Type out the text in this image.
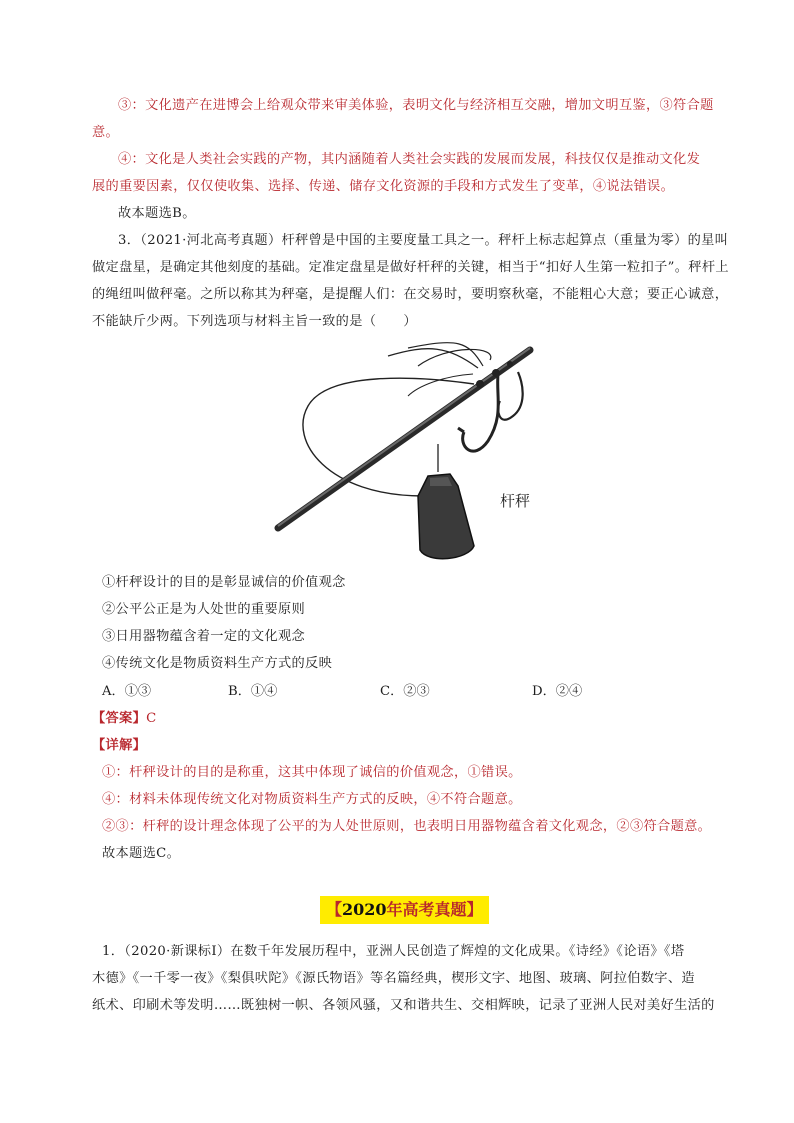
③：文化遗产在进博会上给观众带来审美体验，表明文化与经济相互交融，增加文明互鉴，③符合题
意。
④：文化是人类社会实践的产物，其内涵随着人类社会实践的发展而发展，科技仅仅是推动文化发
展的重要因素，仅仅使收集、选择、传递、储存文化资源的手段和方式发生了变革，④说法错误。
故本题选B。
3．（2021·河北高考真题）杆秤曾是中国的主要度量工具之一。秤杆上标志起算点（重量为零）的星叫
做定盘星，是确定其他刻度的基础。定准定盘星是做好杆秤的关键，相当于“扣好人生第一粒扣子”。秤杆上
的绳纽叫做秤毫。之所以称其为秤毫，是提醒人们：在交易时，要明察秋毫，不能粗心大意；要正心诚意，
不能缺斤少两。下列选项与材料主旨一致的是（　　）
杆秤
①杆秤设计的目的是彰显诚信的价值观念
②公平公正是为人处世的重要原则
③日用器物蕴含着一定的文化观念
④传统文化是物质资料生产方式的反映
A．①③	B．①④	C．②③	D．②④
【答案】C
【详解】
①：杆秤设计的目的是称重，这其中体现了诚信的价值观念，①错误。
④：材料未体现传统文化对物质资料生产方式的反映，④不符合题意。
②③：杆秤的设计理念体现了公平的为人处世原则，也表明日用器物蕴含着文化观念，②③符合题意。
故本题选C。
【2020年高考真题】
1．（2020·新课标Ⅰ）在数千年发展历程中，亚洲人民创造了辉煌的文化成果。《诗经》《论语》《塔
木德》《一千零一夜》《梨俱吠陀》《源氏物语》等名篇经典，楔形文字、地图、玻璃、阿拉伯数字、造
纸术、印刷术等发明……既独树一帜、各领风骚，又和谐共生、交相辉映，记录了亚洲人民对美好生活的
